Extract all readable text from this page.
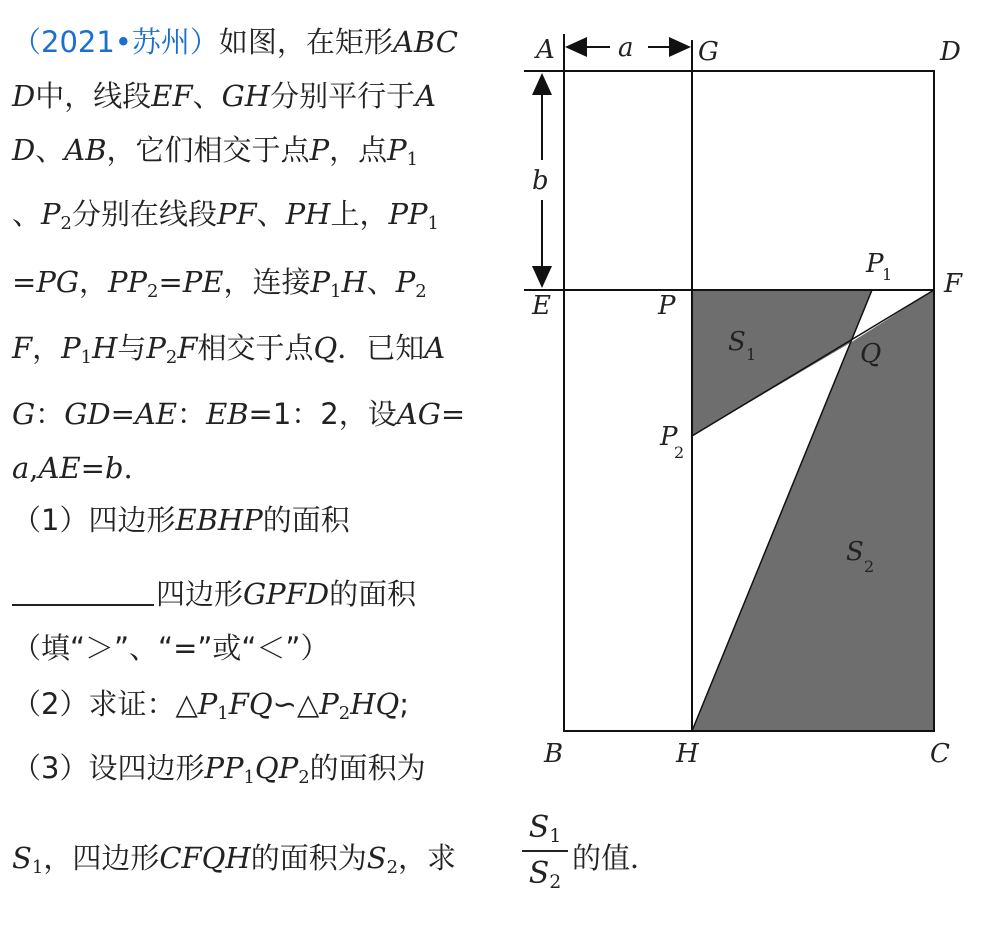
（2021•苏州）如图，在矩形ABC
D中，线段EF、GH分别平行于A
D、AB，它们相交于点P，点$P_1$
、$P_2$分别在线段PF、PH上，$PP_1$
=PG，$PP_2=PE$，连接$P_1H$、$P_2$
F，$P_1H$与$P_2F$相交于点Q．已知A
G：GD=AE：EB=1：2，设AG=
a,AE=b.
（1）四边形EBHP的面积
四边形GPFD的面积
（填“＞”、“=”或“＜”）
（2）求证：$\triangle P_1FQ∽\triangle P_2HQ$;
（3）设四边形$PP_1QP_2$的面积为
$S_1$，四边形CFQH的面积为$S_2$，求
$S_1$
$S_2$
的值．
a
b
A	G	D
E	P
F
B	H	C
Q
P
1
P
2
S 1
S 2
